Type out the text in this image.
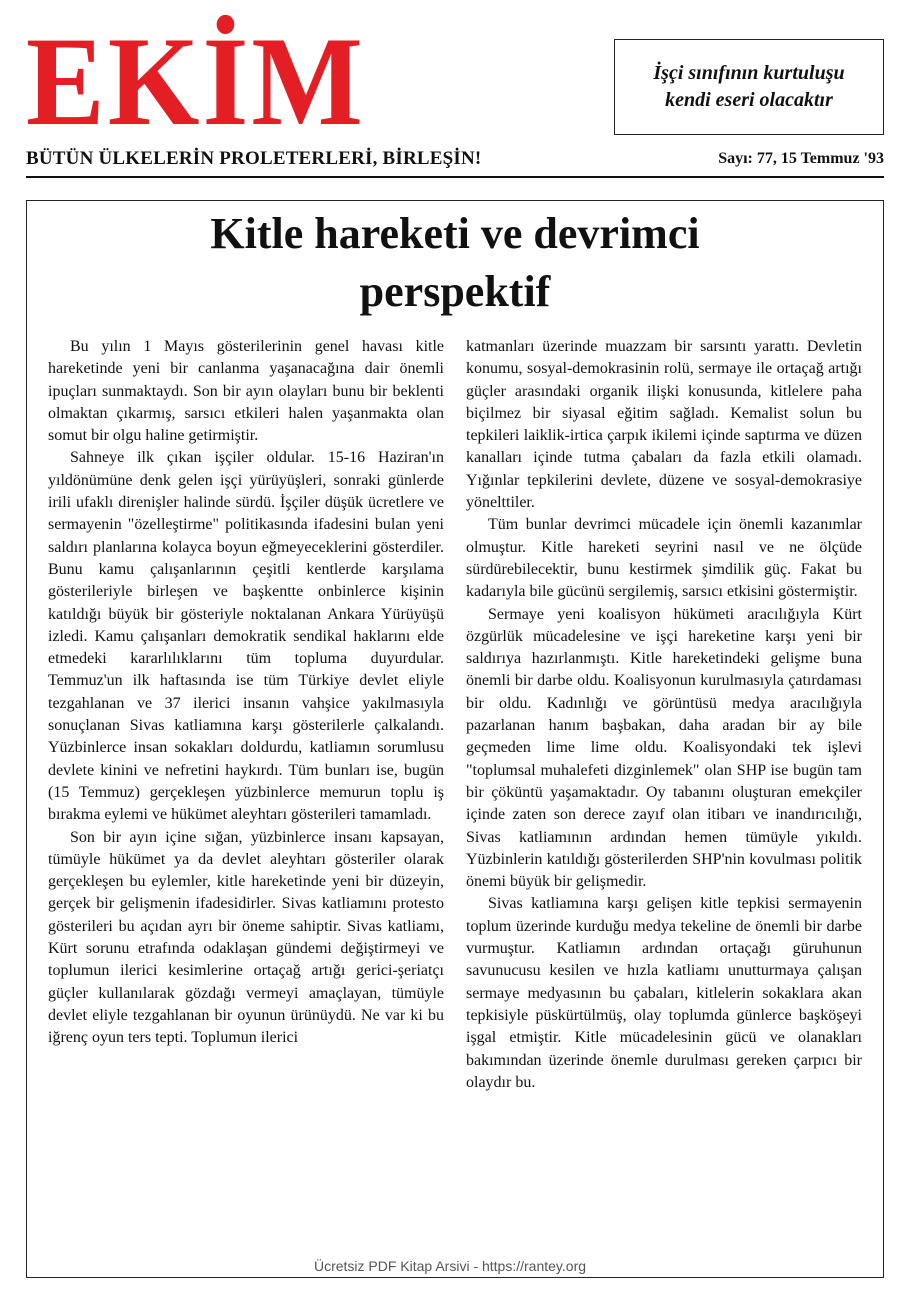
EKİM	İşçi sınıfının kurtuluşu
kendi eseri olacaktır
BÜTÜN ÜLKELERİN PROLETERLERİ, BİRLEŞİN!	Sayı: 77, 15 Temmuz '93
Kitle hareketi ve devrimci
perspektif

Bu yılın 1 Mayıs gösterilerinin genel havası kitle hareketinde yeni bir canlanma yaşanacağına dair önemli ipuçları sunmaktaydı. Son bir ayın olayları bunu bir beklenti olmaktan çıkarmış, sarsıcı etkileri halen yaşanmakta olan somut bir olgu haline getirmiştir.

Sahneye ilk çıkan işçiler oldular. 15-16 Haziran'ın yıldönümüne denk gelen işçi yürüyüşleri, sonraki günlerde irili ufaklı direnişler halinde sürdü. İşçiler düşük ücretlere ve sermayenin "özelleştirme" politikasında ifadesini bulan yeni saldırı planlarına kolayca boyun eğmeyeceklerini gösterdiler. Bunu kamu çalışanlarının çeşitli kentlerde karşılama gösterileriyle birleşen ve başkentte onbinlerce kişinin katıldığı büyük bir gösteriyle noktalanan Ankara Yürüyüşü izledi. Kamu çalışanları demokratik sendikal haklarını elde etmedeki kararlılıklarını tüm topluma duyurdular. Temmuz'un ilk haftasında ise tüm Türkiye devlet eliyle tezgahlanan ve 37 ilerici insanın vahşice yakılmasıyla sonuçlanan Sivas katliamına karşı gösterilerle çalkalandı. Yüzbinlerce insan sokakları doldurdu, katliamın sorumlusu devlete kinini ve nefretini haykırdı. Tüm bunları ise, bugün (15 Temmuz) gerçekleşen yüzbinlerce memurun toplu iş bırakma eylemi ve hükümet aleyhtarı gösterileri tamamladı.

Son bir ayın içine sığan, yüzbinlerce insanı kapsayan, tümüyle hükümet ya da devlet aleyhtarı gösteriler olarak gerçekleşen bu eylemler, kitle hareketinde yeni bir düzeyin, gerçek bir gelişmenin ifadesidirler. Sivas katliamını protesto gösterileri bu açıdan ayrı bir öneme sahiptir. Sivas katliamı, Kürt sorunu etrafında odaklaşan gündemi değiştirmeyi ve toplumun ilerici kesimlerine ortaçağ artığı gerici-şeriatçı güçler kullanılarak gözdağı vermeyi amaçlayan, tümüyle devlet eliyle tezgahlanan bir oyunun ürünüydü. Ne var ki bu iğrenç oyun ters tepti. Toplumun ilerici

katmanları üzerinde muazzam bir sarsıntı yarattı. Devletin konumu, sosyal-demokrasinin rolü, sermaye ile ortaçağ artığı güçler arasındaki organik ilişki konusunda, kitlelere paha biçilmez bir siyasal eğitim sağladı. Kemalist solun bu tepkileri laiklik-irtica çarpık ikilemi içinde saptırma ve düzen kanalları içinde tutma çabaları da fazla etkili olamadı. Yığınlar tepkilerini devlete, düzene ve sosyal-demokrasiye yönelttiler.

Tüm bunlar devrimci mücadele için önemli kazanımlar olmuştur. Kitle hareketi seyrini nasıl ve ne ölçüde sürdürebilecektir, bunu kestirmek şimdilik güç. Fakat bu kadarıyla bile gücünü sergilemiş, sarsıcı etkisini göstermiştir.

Sermaye yeni koalisyon hükümeti aracılığıyla Kürt özgürlük mücadelesine ve işçi hareketine karşı yeni bir saldırıya hazırlanmıştı. Kitle hareketindeki gelişme buna önemli bir darbe oldu. Koalisyonun kurulmasıyla çatırdaması bir oldu. Kadınlığı ve görüntüsü medya aracılığıyla pazarlanan hanım başbakan, daha aradan bir ay bile geçmeden lime lime oldu. Koalisyondaki tek işlevi "toplumsal muhalefeti dizginlemek" olan SHP ise bugün tam bir çöküntü yaşamaktadır. Oy tabanını oluşturan emekçiler içinde zaten son derece zayıf olan itibarı ve inandırıcılığı, Sivas katliamının ardından hemen tümüyle yıkıldı. Yüzbinlerin katıldığı gösterilerden SHP'nin kovulması politik önemi büyük bir gelişmedir.

Sivas katliamına karşı gelişen kitle tepkisi sermayenin toplum üzerinde kurduğu medya tekeline de önemli bir darbe vurmuştur. Katliamın ardından ortaçağı güruhunun savunucusu kesilen ve hızla katliamı unutturmaya çalışan sermaye medyasının bu çabaları, kitlelerin sokaklara akan tepkisiyle püskürtülmüş, olay toplumda günlerce başköşeyi işgal etmiştir. Kitle mücadelesinin gücü ve olanakları bakımından üzerinde önemle durulması gereken çarpıcı bir olaydır bu.

Ücretsiz PDF Kitap Arsivi - https://rantey.org
